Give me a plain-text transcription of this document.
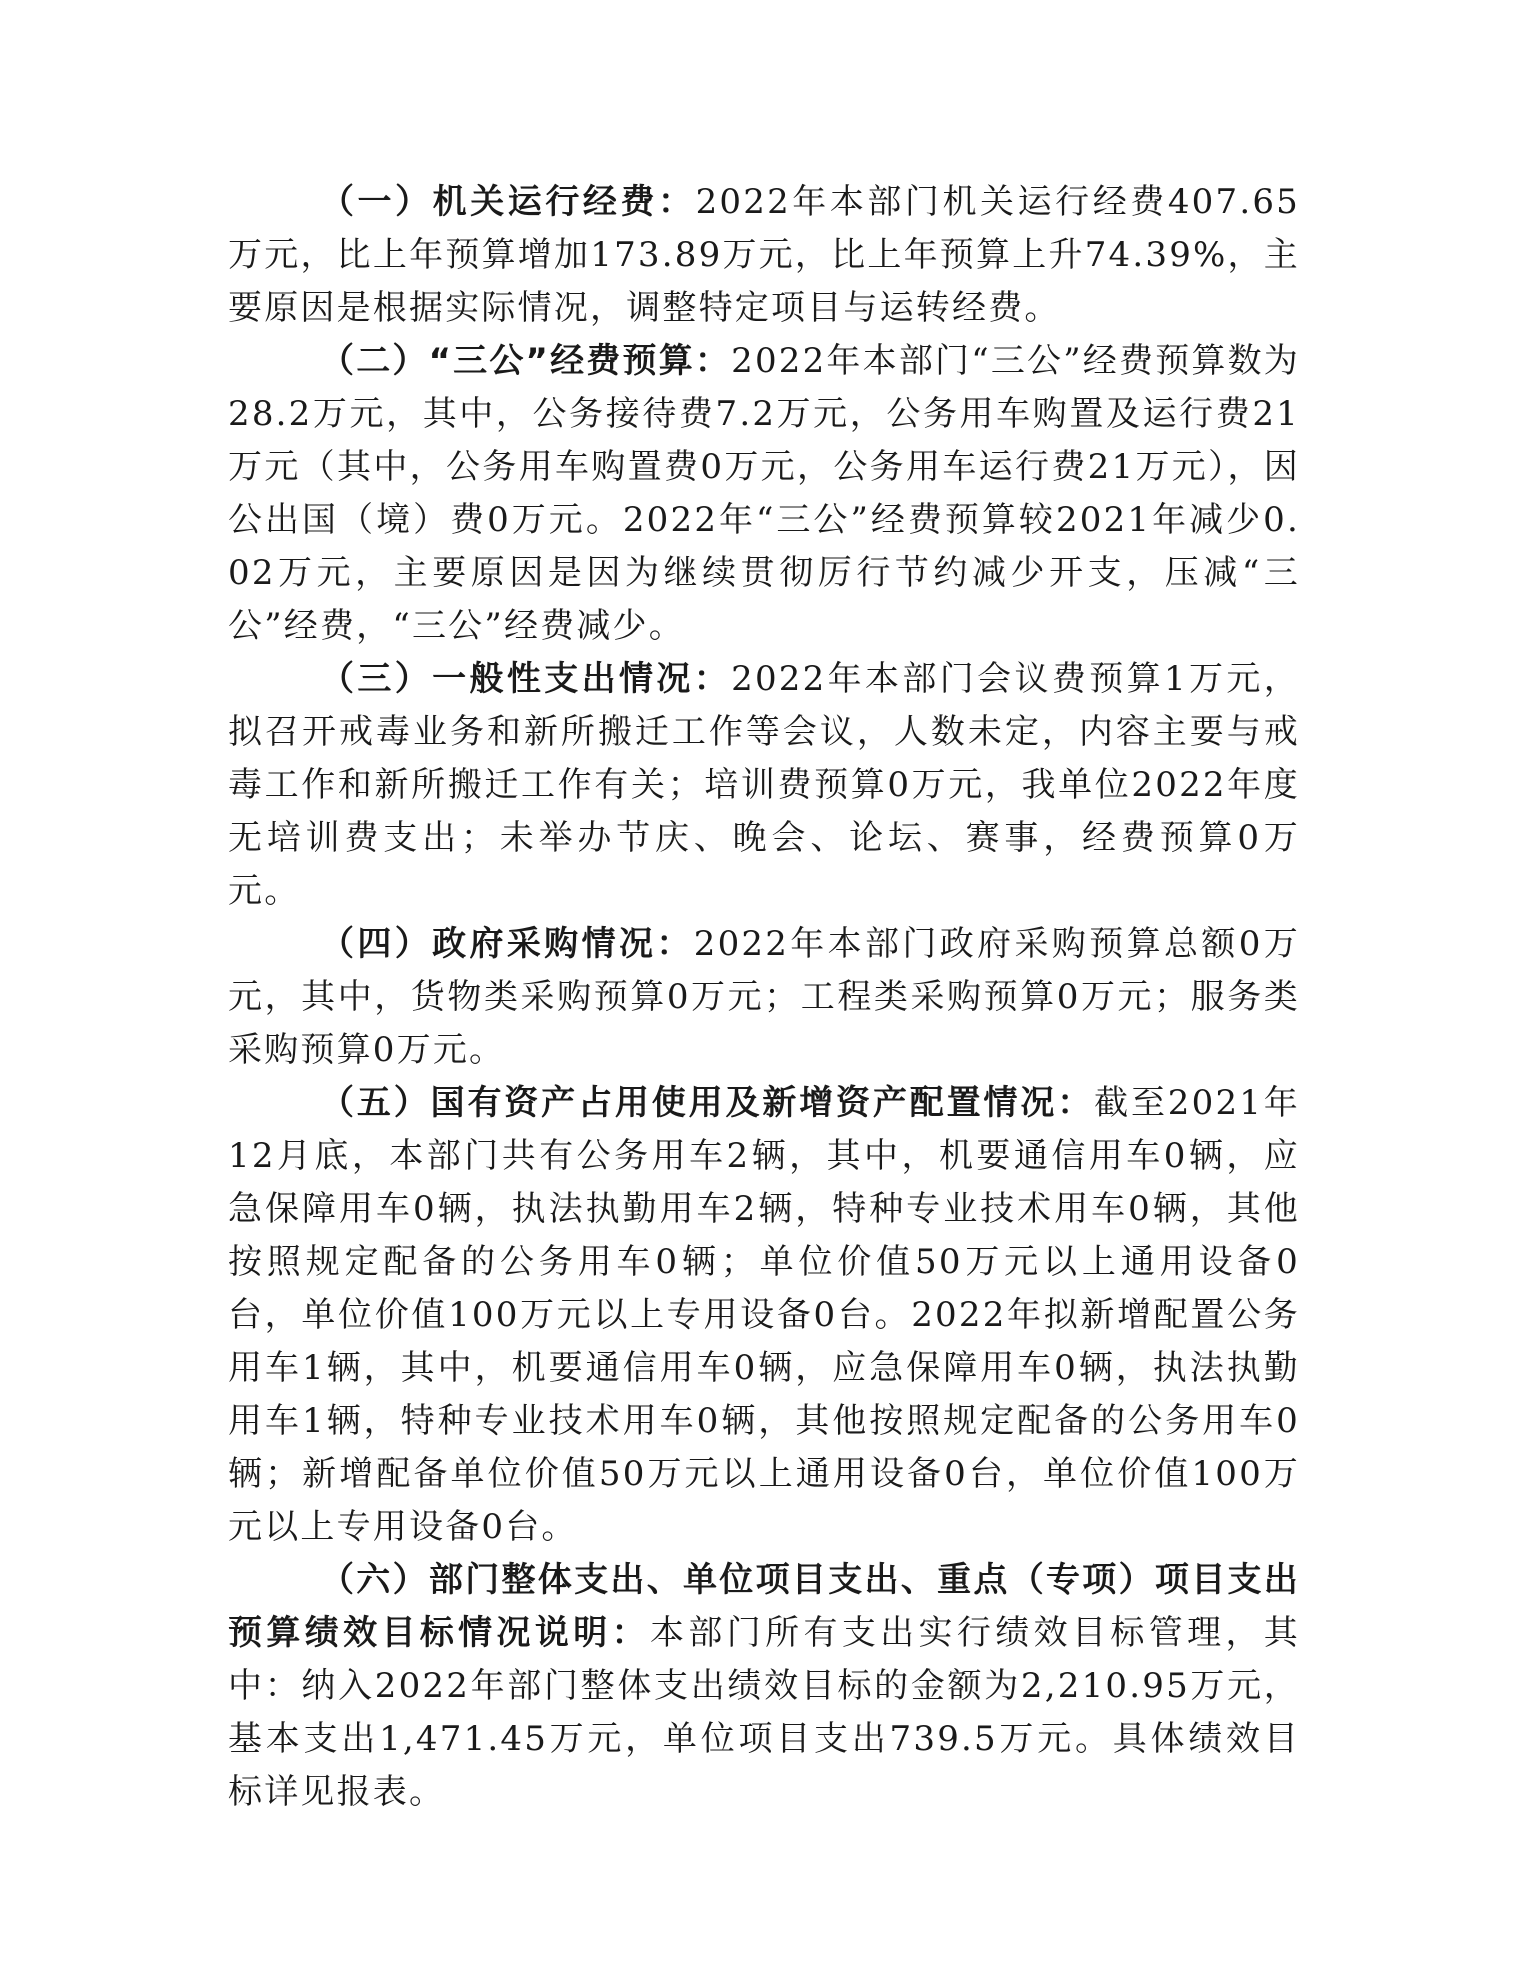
（一）机关运行经费：2022年本部门机关运行经费407.65万元，比上年预算增加173.89万元，比上年预算上升74.39%，主要原因是根据实际情况，调整特定项目与运转经费。

（二）“三公”经费预算：2022年本部门“三公”经费预算数为28.2万元，其中，公务接待费7.2万元，公务用车购置及运行费21万元（其中，公务用车购置费0万元，公务用车运行费21万元），因公出国（境）费0万元。2022年“三公”经费预算较2021年减少0.02万元，主要原因是因为继续贯彻厉行节约减少开支，压减“三公”经费，“三公”经费减少。

（三）一般性支出情况：2022年本部门会议费预算1万元，拟召开戒毒业务和新所搬迁工作等会议，人数未定，内容主要与戒毒工作和新所搬迁工作有关；培训费预算0万元，我单位2022年度无培训费支出；未举办节庆、晚会、论坛、赛事，经费预算0万元。

（四）政府采购情况：2022年本部门政府采购预算总额0万元，其中，货物类采购预算0万元；工程类采购预算0万元；服务类采购预算0万元。

（五）国有资产占用使用及新增资产配置情况：截至2021年12月底，本部门共有公务用车2辆，其中，机要通信用车0辆，应急保障用车0辆，执法执勤用车2辆，特种专业技术用车0辆，其他按照规定配备的公务用车0辆；单位价值50万元以上通用设备0台，单位价值100万元以上专用设备0台。2022年拟新增配置公务用车1辆，其中，机要通信用车0辆，应急保障用车0辆，执法执勤用车1辆，特种专业技术用车0辆，其他按照规定配备的公务用车0辆；新增配备单位价值50万元以上通用设备0台，单位价值100万元以上专用设备0台。

（六）部门整体支出、单位项目支出、重点（专项）项目支出预算绩效目标情况说明：本部门所有支出实行绩效目标管理，其中：纳入2022年部门整体支出绩效目标的金额为2,210.95万元，基本支出1,471.45万元，单位项目支出739.5万元。具体绩效目标详见报表。
